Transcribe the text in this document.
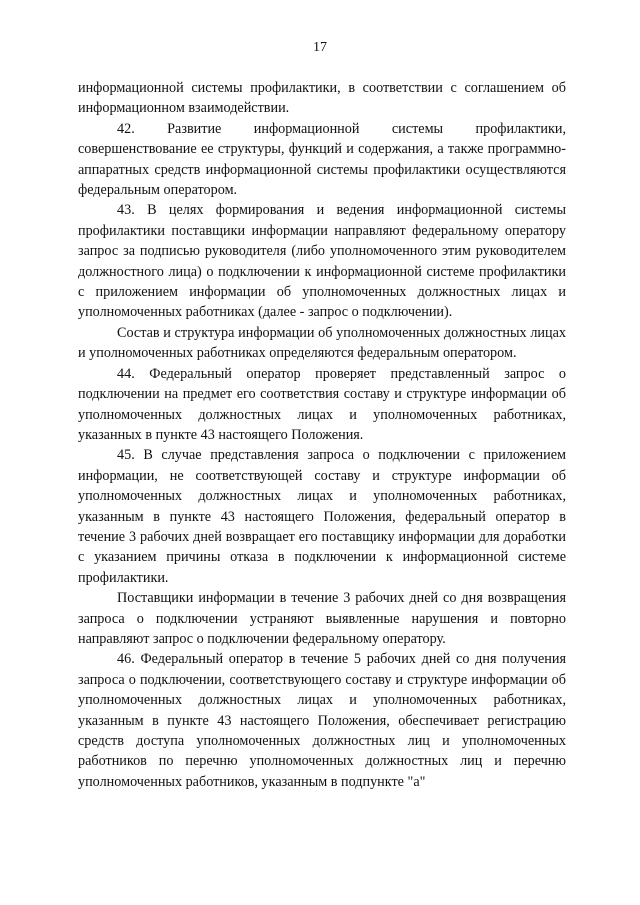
17

информационной системы профилактики, в соответствии с соглашением об информационном взаимодействии.

42. Развитие информационной системы профилактики, совершенствование ее структуры, функций и содержания, а также программно-аппаратных средств информационной системы профилактики осуществляются федеральным оператором.

43. В целях формирования и ведения информационной системы профилактики поставщики информации направляют федеральному оператору запрос за подписью руководителя (либо уполномоченного этим руководителем должностного лица) о подключении к информационной системе профилактики с приложением информации об уполномоченных должностных лицах и уполномоченных работниках (далее - запрос о подключении).

Состав и структура информации об уполномоченных должностных лицах и уполномоченных работниках определяются федеральным оператором.

44. Федеральный оператор проверяет представленный запрос о подключении на предмет его соответствия составу и структуре информации об уполномоченных должностных лицах и уполномоченных работниках, указанных в пункте 43 настоящего Положения.

45. В случае представления запроса о подключении с приложением информации, не соответствующей составу и структуре информации об уполномоченных должностных лицах и уполномоченных работниках, указанным в пункте 43 настоящего Положения, федеральный оператор в течение 3 рабочих дней возвращает его поставщику информации для доработки с указанием причины отказа в подключении к информационной системе профилактики.

Поставщики информации в течение 3 рабочих дней со дня возвращения запроса о подключении устраняют выявленные нарушения и повторно направляют запрос о подключении федеральному оператору.

46. Федеральный оператор в течение 5 рабочих дней со дня получения запроса о подключении, соответствующего составу и структуре информации об уполномоченных должностных лицах и уполномоченных работниках, указанным в пункте 43 настоящего Положения, обеспечивает регистрацию средств доступа уполномоченных должностных лиц и уполномоченных работников по перечню уполномоченных должностных лиц и перечню уполномоченных работников, указанным в подпункте "а"
